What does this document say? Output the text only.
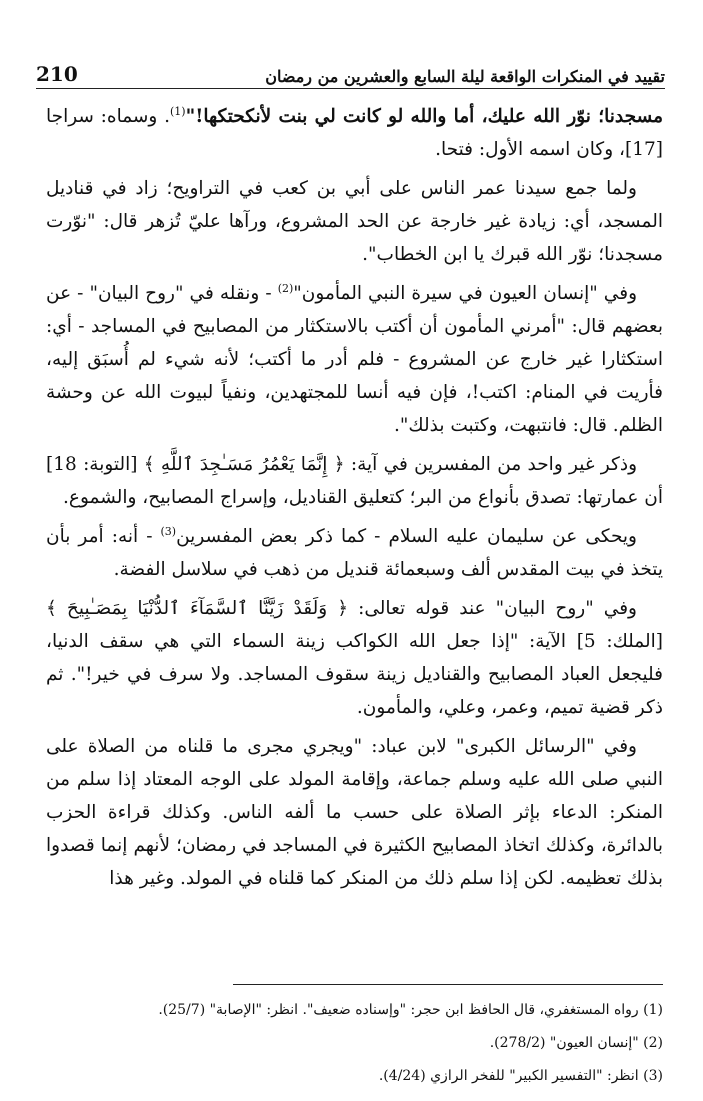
210	تقييد في المنكرات الواقعة ليلة السابع والعشرين من رمضان

مسجدنا؛ نوّر الله عليك، أما والله لو كانت لي بنت لأنكحتكها!"$^{(1)}$. وسماه: سراجا [17]، وكان اسمه الأول: فتحا.

ولما جمع سيدنا عمر الناس على أبي بن كعب في التراويح؛ زاد في قناديل المسجد، أي: زيادة غير خارجة عن الحد المشروع، ورآها عليّ تُزهر قال: "نوّرت مسجدنا؛ نوّر الله قبرك يا ابن الخطاب".

وفي "إنسان العيون في سيرة النبي المأمون"$^{(2)}$ - ونقله في "روح البيان" - عن بعضهم قال: "أمرني المأمون أن أكتب بالاستكثار من المصابيح في المساجد - أي: استكثارا غير خارج عن المشروع - فلم أدر ما أكتب؛ لأنه شيء لم أُسبَق إليه، فأريت في المنام: اكتب!، فإن فيه أنسا للمجتهدين، ونفياً لبيوت الله عن وحشة الظلم. قال: فانتبهت، وكتبت بذلك".

وذكر غير واحد من المفسرين في آية: ﴿ إِنَّمَا يَعْمُرُ مَسَـٰجِدَ ٱللَّهِ ﴾ [التوبة: 18] أن عمارتها: تصدق بأنواع من البر؛ كتعليق القناديل، وإسراج المصابيح، والشموع.

ويحكى عن سليمان عليه السلام - كما ذكر بعض المفسرين$^{(3)}$ - أنه: أمر بأن يتخذ في بيت المقدس ألف وسبعمائة قنديل من ذهب في سلاسل الفضة.

وفي "روح البيان" عند قوله تعالى: ﴿ وَلَقَدْ زَيَّنَّا ٱلسَّمَآءَ ٱلدُّنْيَا بِمَصَـٰبِيحَ ﴾ [الملك: 5] الآية: "إذا جعل الله الكواكب زينة السماء التي هي سقف الدنيا، فليجعل العباد المصابيح والقناديل زينة سقوف المساجد. ولا سرف في خير!". ثم ذكر قضية تميم، وعمر، وعلي، والمأمون.

وفي "الرسائل الكبرى" لابن عباد: "ويجري مجرى ما قلناه من الصلاة على النبي صلى الله عليه وسلم جماعة، وإقامة المولد على الوجه المعتاد إذا سلم من المنكر: الدعاء بإثر الصلاة على حسب ما ألفه الناس. وكذلك قراءة الحزب بالدائرة، وكذلك اتخاذ المصابيح الكثيرة في المساجد في رمضان؛ لأنهم إنما قصدوا بذلك تعظيمه. لكن إذا سلم ذلك من المنكر كما قلناه في المولد. وغير هذا

(1) رواه المستغفري، قال الحافظ ابن حجر: "وإسناده ضعيف". انظر: "الإصابة" (25/7).
(2) "إنسان العيون" (278/2).
(3) انظر: "التفسير الكبير" للفخر الرازي (4/24).
